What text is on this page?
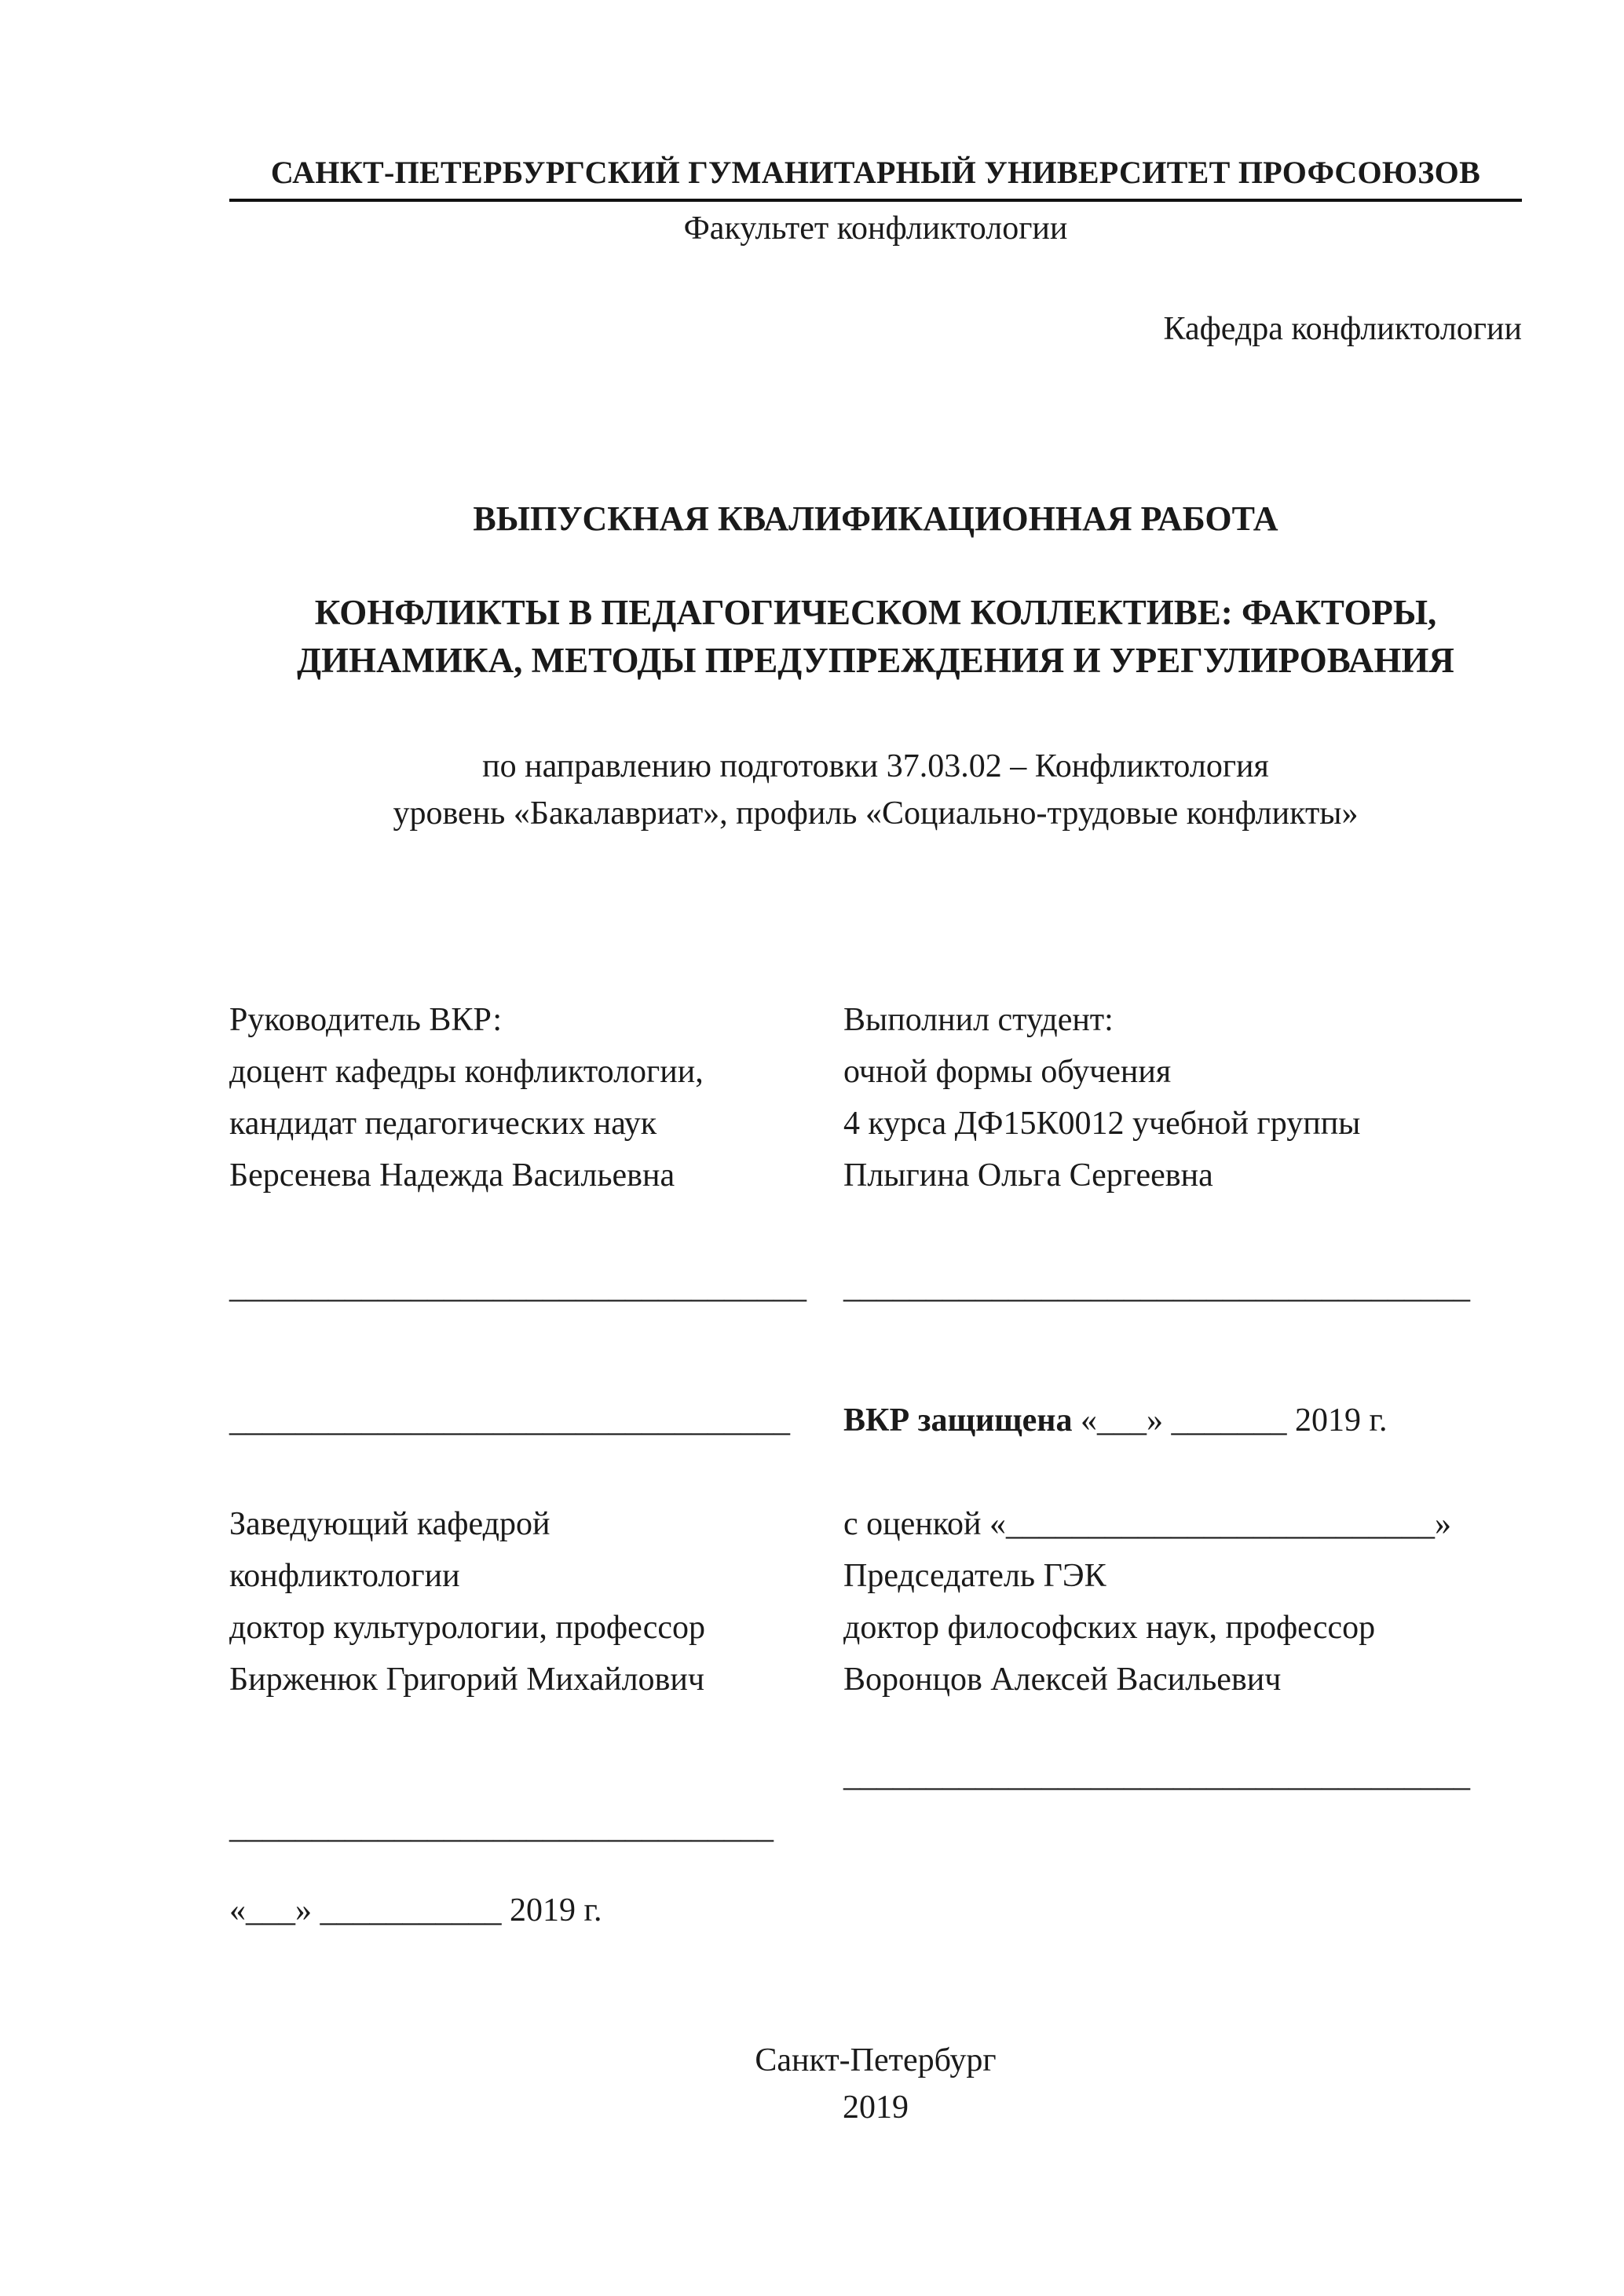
САНКТ-ПЕТЕРБУРГСКИЙ ГУМАНИТАРНЫЙ УНИВЕРСИТЕТ ПРОФСОЮЗОВ
Факультет конфликтологии
Кафедра конфликтологии
ВЫПУСКНАЯ КВАЛИФИКАЦИОННАЯ РАБОТА
КОНФЛИКТЫ В ПЕДАГОГИЧЕСКОМ КОЛЛЕКТИВЕ: ФАКТОРЫ,
ДИНАМИКА, МЕТОДЫ ПРЕДУПРЕЖДЕНИЯ И УРЕГУЛИРОВАНИЯ
по направлению подготовки 37.03.02 – Конфликтология
уровень «Бакалавриат», профиль «Социально-трудовые конфликты»
Руководитель ВКР:
доцент кафедры конфликтологии,
кандидат педагогических наук
Берсенева Надежда Васильевна
___________________________________
__________________________________
Заведующий кафедрой
конфликтологии
доктор культурологии, профессор
Бирженюк Григорий Михайлович
_________________________________
«___» ___________ 2019 г.
Выполнил студент:
очной формы обучения
4 курса ДФ15К0012 учебной группы
Плыгина Ольга Сергеевна
______________________________________
ВКР защищена «___» _______ 2019 г.
с оценкой «__________________________»
Председатель ГЭК
доктор философских наук, профессор
Воронцов Алексей Васильевич
______________________________________
Санкт-Петербург
2019
